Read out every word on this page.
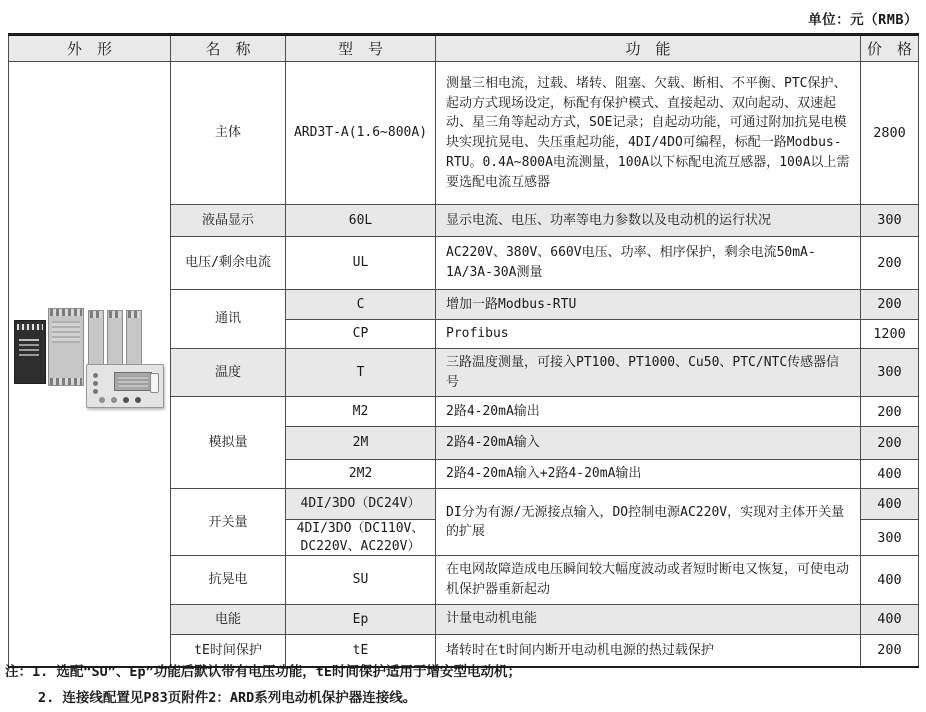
单位：元（RMB）
外　形	名　称	型　号	功　能	价　格

	主体	ARD3T-A(1.6~800A)	测量三相电流，过载、堵转、阻塞、欠载、断相、不平衡、PTC保护、起动方式现场设定，标配有保护模式、直接起动、双向起动、双速起动、星三角等起动方式，SOE记录；自起动功能，可通过附加抗晃电模块实现抗晃电、失压重起功能，4DI/4DO可编程，标配一路Modbus-RTU。0.4A~800A电流测量，100A以下标配电流互感器，100A以上需要选配电流互感器	2800
	液晶显示	60L	显示电流、电压、功率等电力参数以及电动机的运行状况	300
	电压/剩余电流	UL	AC220V、380V、660V电压、功率、相序保护，剩余电流50mA-1A/3A-30A测量	200
	通讯	C	增加一路Modbus-RTU	200
		CP	Profibus	1200
	温度	T	三路温度测量，可接入PT100、PT1000、Cu50、PTC/NTC传感器信号	300
	模拟量	M2	2路4-20mA输出	200
		2M	2路4-20mA输入	200
		2M2	2路4-20mA输入+2路4-20mA输出	400
	开关量	4DI/3DO（DC24V）	DI分为有源/无源接点输入，DO控制电源AC220V，实现对主体开关量的扩展	400
		4DI/3DO（DC110V、DC220V、AC220V）		300
	抗晃电	SU	在电网故障造成电压瞬间较大幅度波动或者短时断电又恢复，可使电动机保护器重新起动	400
	电能	Ep	计量电动机电能	400
	tE时间保护	tE	堵转时在t时间内断开电动机电源的热过载保护	200
注：1. 选配“SU”、Ep”功能后默认带有电压功能，tE时间保护适用于增安型电动机；
2. 连接线配置见P83页附件2：ARD系列电动机保护器连接线。
